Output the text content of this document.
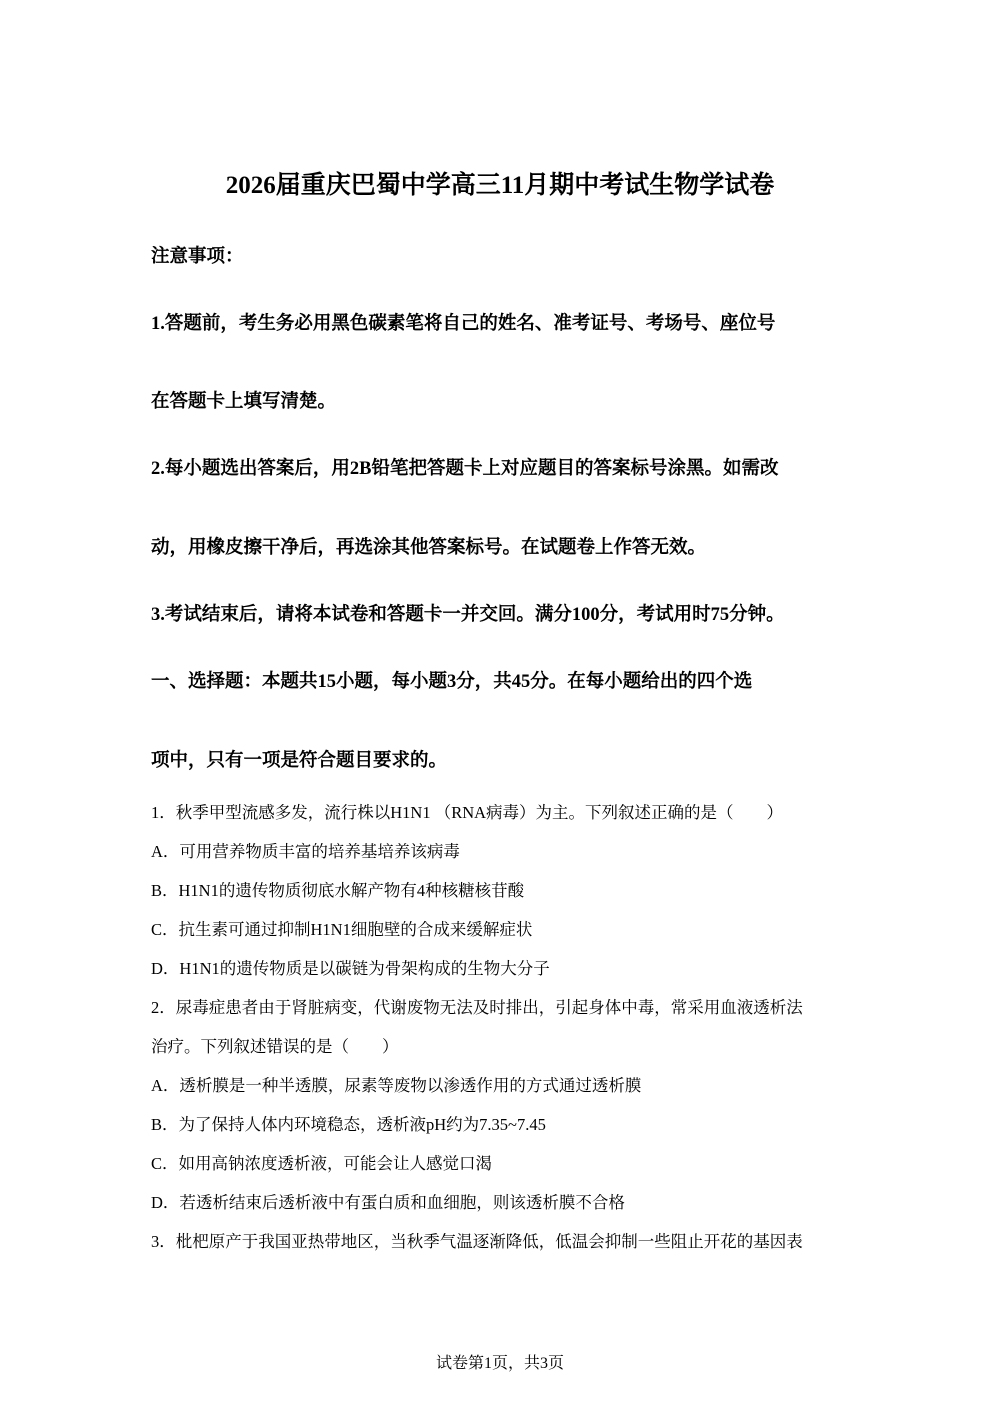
2026届重庆巴蜀中学高三11月期中考试生物学试卷
注意事项：
1.答题前，考生务必用黑色碳素笔将自己的姓名、准考证号、考场号、座位号
在答题卡上填写清楚。
2.每小题选出答案后，用2B铅笔把答题卡上对应题目的答案标号涂黑。如需改
动，用橡皮擦干净后，再选涂其他答案标号。在试题卷上作答无效。
3.考试结束后，请将本试卷和答题卡一并交回。满分100分，考试用时75分钟。
一、选择题：本题共15小题，每小题3分，共45分。在每小题给出的四个选
项中，只有一项是符合题目要求的。
1．秋季甲型流感多发，流行株以H1N1 （RNA病毒）为主。下列叙述正确的是（　　）
A．可用营养物质丰富的培养基培养该病毒
B．H1N1的遗传物质彻底水解产物有4种核糖核苷酸
C．抗生素可通过抑制H1N1细胞壁的合成来缓解症状
D．H1N1的遗传物质是以碳链为骨架构成的生物大分子
2．尿毒症患者由于肾脏病变，代谢废物无法及时排出，引起身体中毒，常采用血液透析法
治疗。下列叙述错误的是（　　）
A．透析膜是一种半透膜，尿素等废物以渗透作用的方式通过透析膜
B．为了保持人体内环境稳态，透析液pH约为7.35~7.45
C．如用高钠浓度透析液，可能会让人感觉口渴
D．若透析结束后透析液中有蛋白质和血细胞，则该透析膜不合格
3．枇杷原产于我国亚热带地区，当秋季气温逐渐降低，低温会抑制一些阻止开花的基因表
试卷第1页，共3页
